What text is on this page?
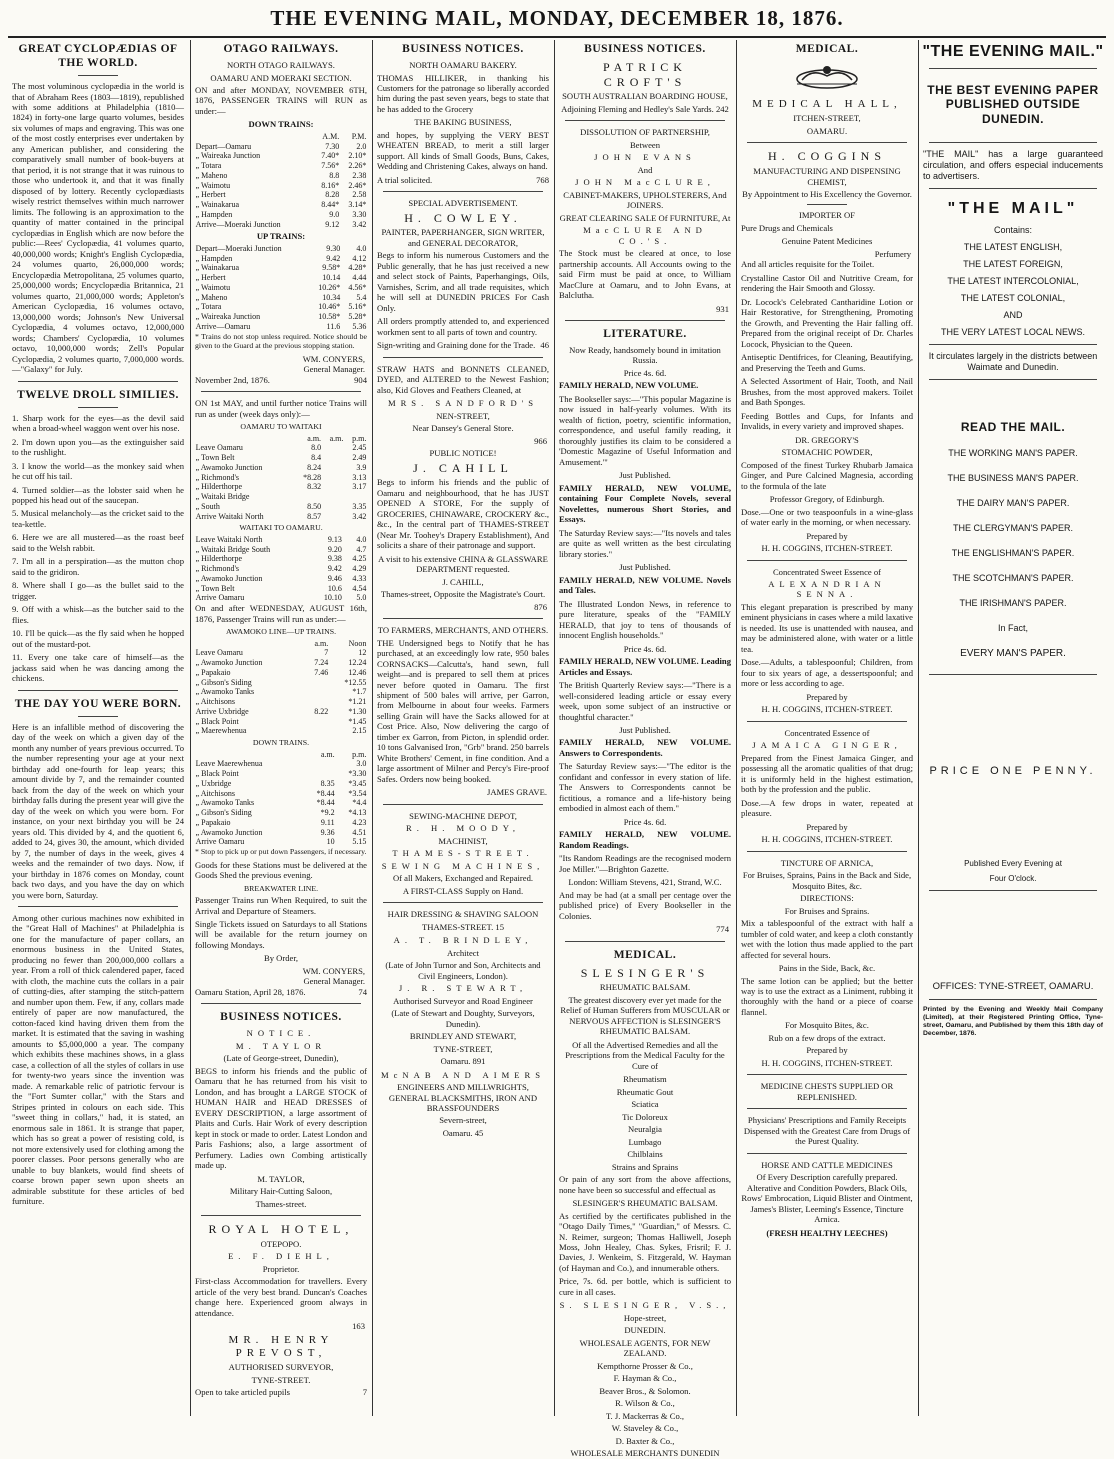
THE EVENING MAIL, MONDAY, DECEMBER 18, 1876.
GREAT CYCLOPÆDIAS OF THE WORLD.
The most voluminous cyclopædia in the world is that of Abraham Rees (1803—1819), republished with some additions at Philadelphia (1810—1824) in forty-one large quarto volumes, besides six volumes of maps and engraving. This was one of the most costly enterprises ever undertaken by any American publisher, and considering the comparatively small number of book-buyers at that period, it is not strange that it was ruinous to those who undertook it, and that it was finally disposed of by lottery. Recently cyclopædiasts wisely restrict themselves within much narrower limits. The following is an approximation to the quantity of matter contained in the principal cyclopædias in English which are now before the public:—Rees' Cyclopædia, 41 volumes quarto, 40,000,000 words; Knight's English Cyclopædia, 24 volumes quarto, 26,000,000 words; Encyclopædia Metropolitana, 25 volumes quarto, 25,000,000 words; Encyclopædia Britannica, 21 volumes quarto, 21,000,000 words; Appleton's American Cyclopædia, 16 volumes octavo, 13,000,000 words; Johnson's New Universal Cyclopædia, 4 volumes octavo, 12,000,000 words; Chambers' Cyclopædia, 10 volumes octavo, 10,000,000 words; Zell's Popular Cyclopædia, 2 volumes quarto, 7,000,000 words.—"Galaxy" for July.
TWELVE DROLL SIMILIES.
1. Sharp work for the eyes—as the devil said when a broad-wheel waggon went over his nose.
2. I'm down upon you—as the extinguisher said to the rushlight.
3. I know the world—as the monkey said when he cut off his tail.
4. Turned soldier—as the lobster said when he popped his head out of the saucepan.
5. Musical melancholy—as the cricket said to the tea-kettle.
6. Here we are all mustered—as the roast beef said to the Welsh rabbit.
7. I'm all in a perspiration—as the mutton chop said to the gridiron.
8. Where shall I go—as the bullet said to the trigger.
9. Off with a whisk—as the butcher said to the flies.
10. I'll be quick—as the fly said when he hopped out of the mustard-pot.
11. Every one take care of himself—as the jackass said when he was dancing among the chickens.
THE DAY YOU WERE BORN.
Here is an infallible method of discovering the day of the week on which a given day of the month any number of years previous occurred. To the number representing your age at your next birthday add one-fourth for leap years; this amount divide by 7, and the remainder counted back from the day of the week on which your birthday falls during the present year will give the day of the week on which you were born. For instance, on your next birthday you will be 24 years old. This divided by 4, and the quotient 6, added to 24, gives 30, the amount, which divided by 7, the number of days in the week, gives 4 weeks and the remainder of two days. Now, if your birthday in 1876 comes on Monday, count back two days, and you have the day on which you were born, Saturday.
Among other curious machines now exhibited in the "Great Hall of Machines" at Philadelphia is one for the manufacture of paper collars, an enormous business in the United States, producing no fewer than 200,000,000 collars a year. From a roll of thick calendered paper, faced with cloth, the machine cuts the collars in a pair of cutting-dies, after stamping the stitch-pattern and number upon them. Few, if any, collars made entirely of paper are now manufactured, the cotton-faced kind having driven them from the market. It is estimated that the saving in washing amounts to $5,000,000 a year. The company which exhibits these machines shows, in a glass case, a collection of all the styles of collars in use for twenty-two years since the invention was made. A remarkable relic of patriotic fervour is the "Fort Sumter collar," with the Stars and Stripes printed in colours on each side. This "sweet thing in collars," had, it is stated, an enormous sale in 1861. It is strange that paper, which has so great a power of resisting cold, is not more extensively used for clothing among the poorer classes. Poor persons generally who are unable to buy blankets, would find sheets of coarse brown paper sewn upon sheets an admirable substitute for these articles of bed furniture.
OTAGO RAILWAYS.
NORTH OTAGO RAILWAYS.
OAMARU AND MOERAKI SECTION.
ON and after MONDAY, NOVEMBER 6TH, 1876, PASSENGER TRAINS will RUN as under:—
DOWN TRAINS:
	A.M.	P.M.
Depart—Oamaru	7.30	2.0
„ Waireaka Junction	7.40*	2.10*
„ Totara	7.56*	2.26*
„ Maheno	8.8	2.38
„ Waimotu	8.16*	2.46*
„ Herbert	8.28	2.58
„ Wainakarua	8.44*	3.14*
„ Hampden	9.0	3.30
Arrive—Moeraki Junction	9.12	3.42
UP TRAINS:
Depart—Moeraki Junction	9.30	4.0
„ Hampden	9.42	4.12
„ Wainakarua	9.58*	4.28*
„ Herbert	10.14	4.44
„ Waimotu	10.26*	4.56*
„ Maheno	10.34	5.4
„ Totara	10.46*	5.16*
„ Waireaka Junction	10.58*	5.28*
Arrive—Oamaru	11.6	5.36
* Trains do not stop unless required. Notice should be given to the Guard at the previous stopping station.
WM. CONYERS,
General Manager.
November 2nd, 1876.	904
ON 1st MAY, and until further notice Trains will run as under (week days only):—
OAMARU TO WAITAKI
	a.m.	a.m.	p.m.
Leave Oamaru	8.0		2.45
„ Town Belt	8.4		2.49
„ Awamoko Junction	8.24		3.9
„ Richmond's	*8.28		3.13
„ Hilderthorpe	8.32		3.17
„ Waitaki Bridge			
„ South	8.50		3.35
Arrive Waitaki North	8.57		3.42
WAITAKI TO OAMARU.
Leave Waitaki North	9.13	4.0
„ Waitaki Bridge South	9.20	4.7
„ Hilderthorpe	9.38	4.25
„ Richmond's	9.42	4.29
„ Awamoko Junction	9.46	4.33
„ Town Belt	10.6	4.54
Arrive Oamaru	10.10	5.0
On and after WEDNESDAY, AUGUST 16th, 1876, Passenger Trains will run as under:—
AWAMOKO LINE—UP TRAINS.
	a.m.	Noon
Leave Oamaru	7	12
„ Awamoko Junction	7.24	12.24
„ Papakaio	7.46	12.46
„ Gibson's Siding		*12.55
„ Awamoko Tanks		*1.7
„ Aitchisons		*1.21
Arrive Uxbridge	8.22	*1.30
„ Black Point		*1.45
„ Maerewhenua		2.15
DOWN TRAINS.
	a.m.	p.m.
Leave Maerewhenua		3.0
„ Black Point		*3.30
„ Uxbridge	8.35	*3.45
„ Aitchisons	*8.44	*3.54
„ Awamoko Tanks	*8.44	*4.4
„ Gibson's Siding	*9.2	*4.13
„ Papakaio	9.11	4.23
„ Awamoko Junction	9.36	4.51
Arrive Oamaru	10	5.15
* Stop to pick up or put down Passengers, if necessary.
Goods for these Stations must be delivered at the Goods Shed the previous evening.
BREAKWATER LINE.
Passenger Trains run When Required, to suit the Arrival and Departure of Steamers.
Single Tickets issued on Saturdays to all Stations will be available for the return journey on following Mondays.
By Order,
WM. CONYERS,
General Manager.
Oamaru Station, April 28, 1876.	74
BUSINESS NOTICES.
NOTICE.
M. TAYLOR
(Late of George-street, Dunedin),
BEGS to inform his friends and the public of Oamaru that he has returned from his visit to London, and has brought a LARGE STOCK of HUMAN HAIR and HEAD DRESSES of EVERY DESCRIPTION, a large assortment of Plaits and Curls. Hair Work of every description kept in stock or made to order. Latest London and Paris Fashions; also, a large assortment of Perfumery. Ladies own Combing artistically made up.
M. TAYLOR,
Military Hair-Cutting Saloon,
Thames-street.
ROYAL HOTEL,
OTEPOPO.
E. F. DIEHL,
Proprietor.
First-class Accommodation for travellers. Every article of the very best brand. Duncan's Coaches change here. Experienced groom always in attendance.
163
MR. HENRY PREVOST,
AUTHORISED SURVEYOR,
TYNE-STREET.
Open to take articled pupils	7
BUSINESS NOTICES.
NORTH OAMARU BAKERY.
THOMAS HILLIKER, in thanking his Customers for the patronage so liberally accorded him during the past seven years, begs to state that he has added to the Grocery
THE BAKING BUSINESS,
and hopes, by supplying the VERY BEST WHEATEN BREAD, to merit a still larger support. All kinds of Small Goods, Buns, Cakes, Wedding and Christening Cakes, always on hand.
A trial solicited.	768
SPECIAL ADVERTISEMENT.
H. COWLEY.
PAINTER, PAPERHANGER, SIGN WRITER, and GENERAL DECORATOR,
Begs to inform his numerous Customers and the Public generally, that he has just received a new and select stock of Paints, Paperhangings, Oils, Varnishes, Scrim, and all trade requisites, which he will sell at DUNEDIN PRICES For Cash Only.
All orders promptly attended to, and experienced workmen sent to all parts of town and country.
Sign-writing and Graining done for the Trade. 46
STRAW HATS and BONNETS CLEANED, DYED, and ALTERED to the Newest Fashion; also, Kid Gloves and Feathers Cleaned, at
MRS. SANDFORD'S
NEN-STREET,
Near Dansey's General Store.
966
PUBLIC NOTICE!
J. CAHILL
Begs to inform his friends and the public of Oamaru and neighbourhood, that he has JUST OPENED A STORE, For the supply of GROCERIES, CHINAWARE, CROCKERY &c., &c., In the central part of THAMES-STREET (Near Mr. Toohey's Drapery Establishment), And solicits a share of their patronage and support.
A visit to his extensive CHINA & GLASSWARE DEPARTMENT requested.
J. CAHILL,
Thames-street, Opposite the Magistrate's Court.
876
TO FARMERS, MERCHANTS, AND OTHERS.
THE Undersigned begs to Notify that he has purchased, at an exceedingly low rate, 950 bales CORNSACKS—Calcutta's, hand sewn, full weight—and is prepared to sell them at prices never before quoted in Oamaru. The first shipment of 500 bales will arrive, per Garron, from Melbourne in about four weeks. Farmers selling Grain will have the Sacks allowed for at Cost Price. Also, Now delivering the cargo of timber ex Garron, from Picton, in splendid order. 10 tons Galvanised Iron, "Grb" brand. 250 barrels White Brothers' Cement, in fine condition. And a large assortment of Milner and Percy's Fire-proof Safes. Orders now being booked.
JAMES GRAVE.
SEWING-MACHINE DEPOT,
R. H. MOODY,
MACHINIST,
THAMES-STREET.
SEWING MACHINES,
Of all Makers, Exchanged and Repaired.
A FIRST-CLASS Supply on Hand.
HAIR DRESSING & SHAVING SALOON
THAMES-STREET. 15
A. T. BRINDLEY,
Architect
(Late of John Turnor and Son, Architects and Civil Engineers, London).
J. R. STEWART,
Authorised Surveyor and Road Engineer
(Late of Stewart and Doughty, Surveyors, Dunedin).
BRINDLEY AND STEWART,
TYNE-STREET,
Oamaru. 891
McNAB AND AIMERS
ENGINEERS AND MILLWRIGHTS, GENERAL BLACKSMITHS, IRON AND BRASSFOUNDERS
Severn-street,
Oamaru. 45
BUSINESS NOTICES.
PATRICK CROFT'S
SOUTH AUSTRALIAN BOARDING HOUSE,
Adjoining Fleming and Hedley's Sale Yards. 242
DISSOLUTION OF PARTNERSHIP,
Between
JOHN EVANS
And
JOHN MacCLURE,
CABINET-MAKERS, UPHOLSTERERS, And JOINERS.
GREAT CLEARING SALE Of FURNITURE, At
MacCLURE AND CO.'S.
The Stock must be cleared at once, to lose partnership accounts. All Accounts owing to the said Firm must be paid at once, to William MacClure at Oamaru, and to John Evans, at Balclutha.
931
LITERATURE.
Now Ready, handsomely bound in imitation Russia.
Price 4s. 6d.
FAMILY HERALD, NEW VOLUME.
The Bookseller says:—"This popular Magazine is now issued in half-yearly volumes. With its wealth of fiction, poetry, scientific information, correspondence, and useful family reading, it thoroughly justifies its claim to be considered a 'Domestic Magazine of Useful Information and Amusement.'"
Just Published.
FAMILY HERALD, NEW VOLUME, containing Four Complete Novels, several Novelettes, numerous Short Stories, and Essays.
The Saturday Review says:—"Its novels and tales are quite as well written as the best circulating library stories."
Just Published.
FAMILY HERALD, NEW VOLUME. Novels and Tales.
The Illustrated London News, in reference to pure literature, speaks of the "FAMILY HERALD, that joy to tens of thousands of innocent English households."
Price 4s. 6d.
FAMILY HERALD, NEW VOLUME. Leading Articles and Essays.
The British Quarterly Review says:—"There is a well-considered leading article or essay every week, upon some subject of an instructive or thoughtful character."
Just Published.
FAMILY HERALD, NEW VOLUME. Answers to Correspondents.
The Saturday Review says:—"The editor is the confidant and confessor in every station of life. The Answers to Correspondents cannot be fictitious, a romance and a life-history being embodied in almost each of them."
Price 4s. 6d.
FAMILY HERALD, NEW VOLUME. Random Readings.
"Its Random Readings are the recognised modern Joe Miller."—Brighton Gazette.
London: William Stevens, 421, Strand, W.C.
And may be had (at a small per centage over the published price) of Every Bookseller in the Colonies.
774
MEDICAL.
SLESINGER'S
RHEUMATIC BALSAM.
The greatest discovery ever yet made for the Relief of Human Sufferers from MUSCULAR or NERVOUS AFFECTION is SLESINGER'S RHEUMATIC BALSAM.
Of all the Advertised Remedies and all the Prescriptions from the Medical Faculty for the Cure of
Rheumatism
Rheumatic Gout
Sciatica
Tic Doloreux
Neuralgia
Lumbago
Chilblains
Strains and Sprains
Or pain of any sort from the above affections, none have been so successful and effectual as
SLESINGER'S RHEUMATIC BALSAM.
As certified by the certificates published in the "Otago Daily Times," "Guardian," of Messrs. C. N. Reimer, surgeon; Thomas Halliwell, Joseph Moss, John Healey, Chas. Sykes, Frisril; F. J. Davies, J. Wenkeim, S. Fitzgerald, W. Hayman (of Hayman and Co.), and innumerable others.
Price, 7s. 6d. per bottle, which is sufficient to cure in all cases.
S. SLESINGER, V.S.,
Hope-street,
DUNEDIN.
WHOLESALE AGENTS, FOR NEW ZEALAND.
Kempthorne Prosser & Co.,
F. Hayman & Co.,
Beaver Bros., & Solomon.
R. Wilson & Co.,
T. J. Mackerras & Co.,
W. Staveley & Co.,
D. Baxter & Co.,
WHOLESALE MERCHANTS DUNEDIN
MEDICAL.
MEDICAL HALL,
ITCHEN-STREET,
OAMARU.
H. COGGINS
MANUFACTURING AND DISPENSING CHEMIST,
By Appointment to His Excellency the Governor.
IMPORTER OF
Pure Drugs and Chemicals
Genuine Patent Medicines
Perfumery
And all articles requisite for the Toilet.
Crystalline Castor Oil and Nutritive Cream, for rendering the Hair Smooth and Glossy.
Dr. Locock's Celebrated Cantharidine Lotion or Hair Restorative, for Strengthening, Promoting the Growth, and Preventing the Hair falling off. Prepared from the original receipt of Dr. Charles Locock, Physician to the Queen.
Antiseptic Dentifrices, for Cleaning, Beautifying, and Preserving the Teeth and Gums.
A Selected Assortment of Hair, Tooth, and Nail Brushes, from the most approved makers. Toilet and Bath Sponges.
Feeding Bottles and Cups, for Infants and Invalids, in every variety and improved shapes.
DR. GREGORY'S
STOMACHIC POWDER,
Composed of the finest Turkey Rhubarb Jamaica Ginger, and Pure Calcined Magnesia, according to the formula of the late
Professor Gregory, of Edinburgh.
Dose.—One or two teaspoonfuls in a wine-glass of water early in the morning, or when necessary.
Prepared by
H. H. COGGINS, ITCHEN-STREET.
Concentrated Sweet Essence of
ALEXANDRIAN SENNA.
This elegant preparation is prescribed by many eminent physicians in cases where a mild laxative is needed. Its use is unattended with nausea, and may be administered alone, with water or a little tea.
Dose.—Adults, a tablespoonful; Children, from four to six years of age, a dessertspoonful; and more or less according to age.
Prepared by
H. H. COGGINS, ITCHEN-STREET.
Concentrated Essence of
JAMAICA GINGER,
Prepared from the Finest Jamaica Ginger, and possessing all the aromatic qualities of that drug; it is uniformly held in the highest estimation, both by the profession and the public.
Dose.—A few drops in water, repeated at pleasure.
Prepared by
H. H. COGGINS, ITCHEN-STREET.
TINCTURE OF ARNICA,
For Bruises, Sprains, Pains in the Back and Side, Mosquito Bites, &c.
DIRECTIONS:
For Bruises and Sprains.
Mix a tablespoonful of the extract with half a tumbler of cold water, and keep a cloth constantly wet with the lotion thus made applied to the part affected for several hours.
Pains in the Side, Back, &c.
The same lotion can be applied; but the better way is to use the extract as a Liniment, rubbing it thoroughly with the hand or a piece of coarse flannel.
For Mosquito Bites, &c.
Rub on a few drops of the extract.
Prepared by
H. H. COGGINS, ITCHEN-STREET.
MEDICINE CHESTS SUPPLIED OR REPLENISHED.
Physicians' Prescriptions and Family Receipts Dispensed with the Greatest Care from Drugs of the Purest Quality.
HORSE AND CATTLE MEDICINES
Of Every Description carefully prepared. Alterative and Condition Powders, Black Oils, Rows' Embrocation, Liquid Blister and Ointment, James's Blister, Leeming's Essence, Tincture Arnica.
(FRESH HEALTHY LEECHES)
"THE EVENING MAIL."
THE BEST EVENING PAPER PUBLISHED OUTSIDE DUNEDIN.
"THE MAIL" has a large guaranteed circulation, and offers especial inducements to advertisers.
"THE MAIL"
Contains:
THE LATEST ENGLISH,
THE LATEST FOREIGN,
THE LATEST INTERCOLONIAL,
THE LATEST COLONIAL,
AND
THE VERY LATEST LOCAL NEWS.
It circulates largely in the districts between Waimate and Dunedin.
READ THE MAIL.
THE WORKING MAN'S PAPER.
THE BUSINESS MAN'S PAPER.
THE DAIRY MAN'S PAPER.
THE CLERGYMAN'S PAPER.
THE ENGLISHMAN'S PAPER.
THE SCOTCHMAN'S PAPER.
THE IRISHMAN'S PAPER.
In Fact,
EVERY MAN'S PAPER.
PRICE ONE PENNY.
Published Every Evening at
Four O'clock.
OFFICES: TYNE-STREET, OAMARU.
Printed by the Evening and Weekly Mail Company (Limited), at their Registered Printing Office, Tyne-street, Oamaru, and Published by them this 18th day of December, 1876.
